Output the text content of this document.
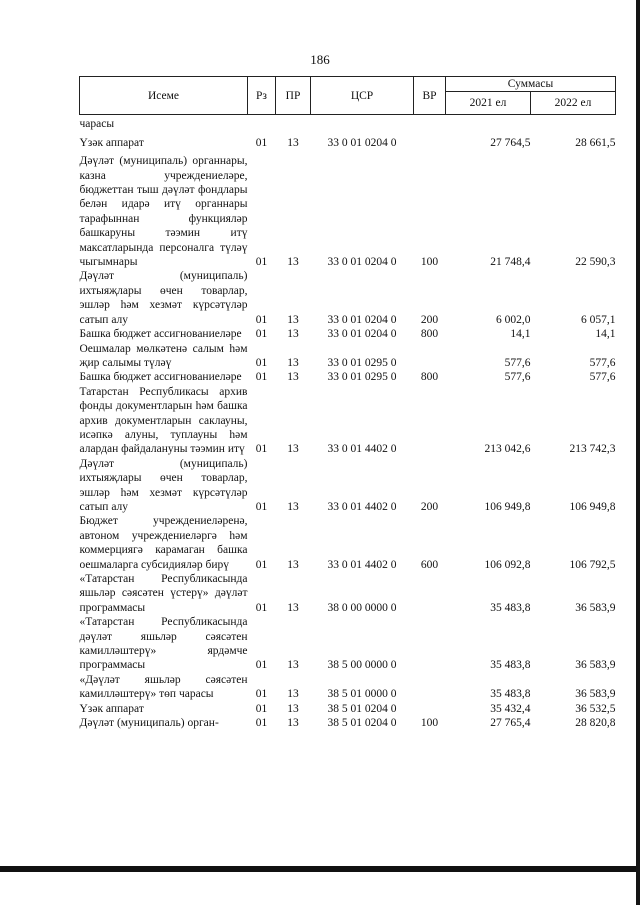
186
Исеме	Рз	ПР	ЦСР	ВР	Суммасы	
					2021 ел	2022 ел
чарасы						
Үзәк аппарат	01	13	33 0 01 0204 0		27 764,5	28 661,5
Дәүләт (муниципаль) органнары, казна учреждениеләре, бюджеттан тыш дәүләт фондлары белән идарә итү органнары тарафыннан функцияләр башкаруны тәэмин итү максатларында персоналга түләү чыгымнары	01	13	33 0 01 0204 0	100	21 748,4	22 590,3
Дәүләт (муниципаль) ихтыяҗлары өчен товарлар, эшләр һәм хезмәт күрсәтүләр сатып алу	01	13	33 0 01 0204 0	200	6 002,0	6 057,1
Башка бюджет ассигнованиеләре	01	13	33 0 01 0204 0	800	14,1	14,1
Оешмалар мөлкәтенә салым һәм җир салымы түләү	01	13	33 0 01 0295 0		577,6	577,6
Башка бюджет ассигнованиеләре	01	13	33 0 01 0295 0	800	577,6	577,6
Татарстан Республикасы архив фонды документларын һәм башка архив документларын саклауны, исәпкә алуны, туплауны һәм алардан файдалануны тәэмин итү	01	13	33 0 01 4402 0		213 042,6	213 742,3
Дәүләт (муниципаль) ихтыяҗлары өчен товарлар, эшләр һәм хезмәт күрсәтүләр сатып алу	01	13	33 0 01 4402 0	200	106 949,8	106 949,8
Бюджет учреждениеләренә, автоном учреждениеләргә һәм коммерциягә карамаган башка оешмаларга субсидияләр бирү	01	13	33 0 01 4402 0	600	106 092,8	106 792,5
«Татарстан Республикасында яшьләр сәясәтен үстерү» дәүләт программасы	01	13	38 0 00 0000 0		35 483,8	36 583,9
«Татарстан Республикасында дәүләт яшьләр сәясәтен камилләштерү» ярдәмче программасы	01	13	38 5 00 0000 0		35 483,8	36 583,9
«Дәүләт яшьләр сәясәтен камилләштерү» төп чарасы	01	13	38 5 01 0000 0		35 483,8	36 583,9
Үзәк аппарат	01	13	38 5 01 0204 0		35 432,4	36 532,5
Дәүләт (муниципаль) орган-	01	13	38 5 01 0204 0	100	27 765,4	28 820,8
